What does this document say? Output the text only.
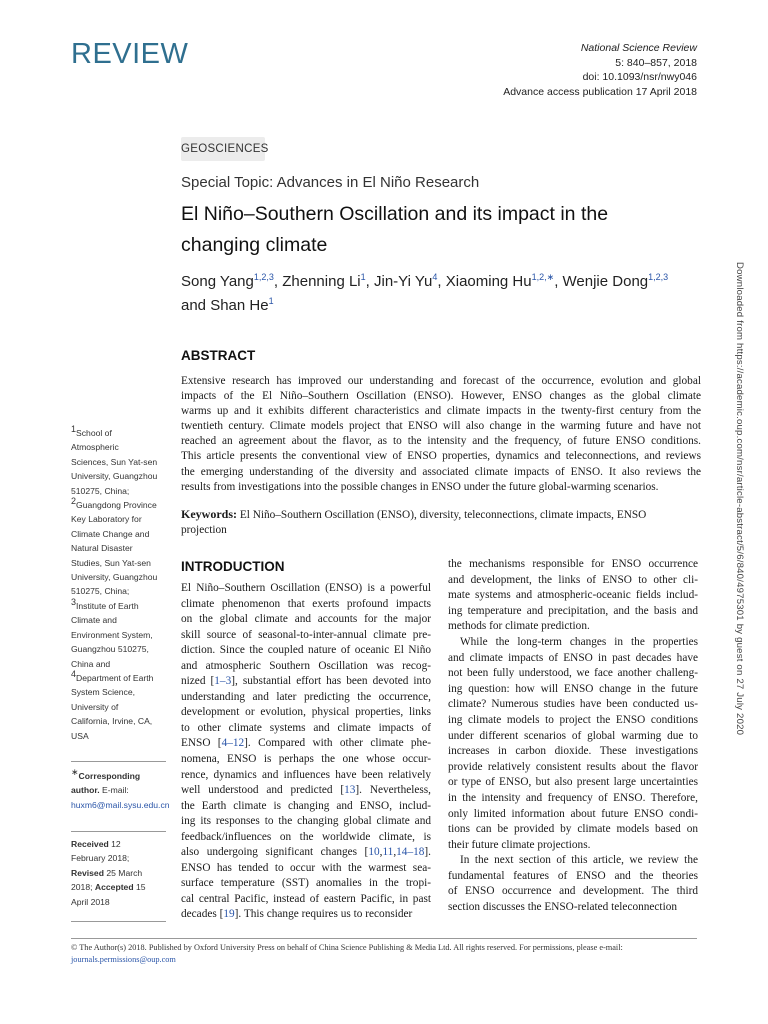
REVIEW	National Science Review
5: 840–857, 2018
doi: 10.1093/nsr/nwy046
Advance access publication 17 April 2018
GEOSCIENCES
Special Topic: Advances in El Niño Research
El Niño–Southern Oscillation and its impact in the
changing climate
Song Yang$^{1,2,3}$, Zhenning Li$^1$, Jin-Yi Yu$^4$, Xiaoming $Hu^{1,2,∗}$, Wenjie Dong$^{1,2,3}$
and Shan He$^1$
ABSTRACT
Extensive research has improved our understanding and forecast of the occurrence, evolution and global
impacts of the El Niño–Southern Oscillation (ENSO). However, ENSO changes as the global climate
warms up and it exhibits different characteristics and climate impacts in the twenty-first century from the
twentieth century. Climate models project that ENSO will also change in the warming future and have not
reached an agreement about the flavor, as to the intensity and the frequency, of future ENSO conditions.
This article presents the conventional view of ENSO properties, dynamics and teleconnections, and reviews
the emerging understanding of the diversity and associated climate impacts of ENSO. It also reviews the
results from investigations into the possible changes in ENSO under the future global-warming scenarios.
Keywords: El Niño–Southern Oscillation (ENSO), diversity, teleconnections, climate impacts, ENSO
projection
$^1$School of
Atmospheric
Sciences, Sun Yat-sen
University, Guangzhou
510275, China;
$^2$Guangdong Province
Key Laboratory for
Climate Change and
Natural Disaster
Studies, Sun Yat-sen
University, Guangzhou
510275, China;
$^3$Institute of Earth
Climate and
Environment System,
Guangzhou 510275,
China and
$^4$Department of Earth
System Science,
University of
California, Irvine, CA,
USA
∗Corresponding
author. E-mail:
huxm6@mail.sysu.edu.cn
Received 12
February 2018;
Revised 25 March
2018; Accepted 15
April 2018
INTRODUCTION
El Niño–Southern Oscillation (ENSO) is a powerful
climate phenomenon that exerts profound impacts
on the global climate and accounts for the major
skill source of seasonal-to-inter-annual climate pre-
diction. Since the coupled nature of oceanic El Niño
and atmospheric Southern Oscillation was recog-
nized [1–3], substantial effort has been devoted into
understanding and later predicting the occurrence,
development or evolution, physical properties, links
to other climate systems and climate impacts of
ENSO [4–12]. Compared with other climate phe-
nomena, ENSO is perhaps the one whose occur-
rence, dynamics and influences have been relatively
well understood and predicted [13]. Nevertheless,
the Earth climate is changing and ENSO, includ-
ing its responses to the changing global climate and
feedback/influences on the worldwide climate, is
also undergoing significant changes [10,11,14–18].
ENSO has tended to occur with the warmest sea-
surface temperature (SST) anomalies in the tropi-
cal central Pacific, instead of eastern Pacific, in past
decades [19]. This change requires us to reconsider
the mechanisms responsible for ENSO occurrence
and development, the links of ENSO to other cli-
mate systems and atmospheric-oceanic fields includ-
ing temperature and precipitation, and the basis and
methods for climate prediction.
While the long-term changes in the properties
and climate impacts of ENSO in past decades have
not been fully understood, we face another challeng-
ing question: how will ENSO change in the future
climate? Numerous studies have been conducted us-
ing climate models to project the ENSO conditions
under different scenarios of global warming due to
increases in carbon dioxide. These investigations
provide relatively consistent results about the flavor
or type of ENSO, but also present large uncertainties
in the intensity and frequency of ENSO. Therefore,
only limited information about future ENSO condi-
tions can be provided by climate models based on
their future climate projections.
In the next section of this article, we review the
fundamental features of ENSO and the theories
of ENSO occurrence and development. The third
section discusses the ENSO-related teleconnection
© The Author(s) 2018. Published by Oxford University Press on behalf of China Science Publishing & Media Ltd. All rights reserved. For permissions, please e-mail:
journals.permissions@oup.com
Downloaded from https://academic.oup.com/nsr/article-abstract/5/6/840/4975301 by guest on 27 July 2020
